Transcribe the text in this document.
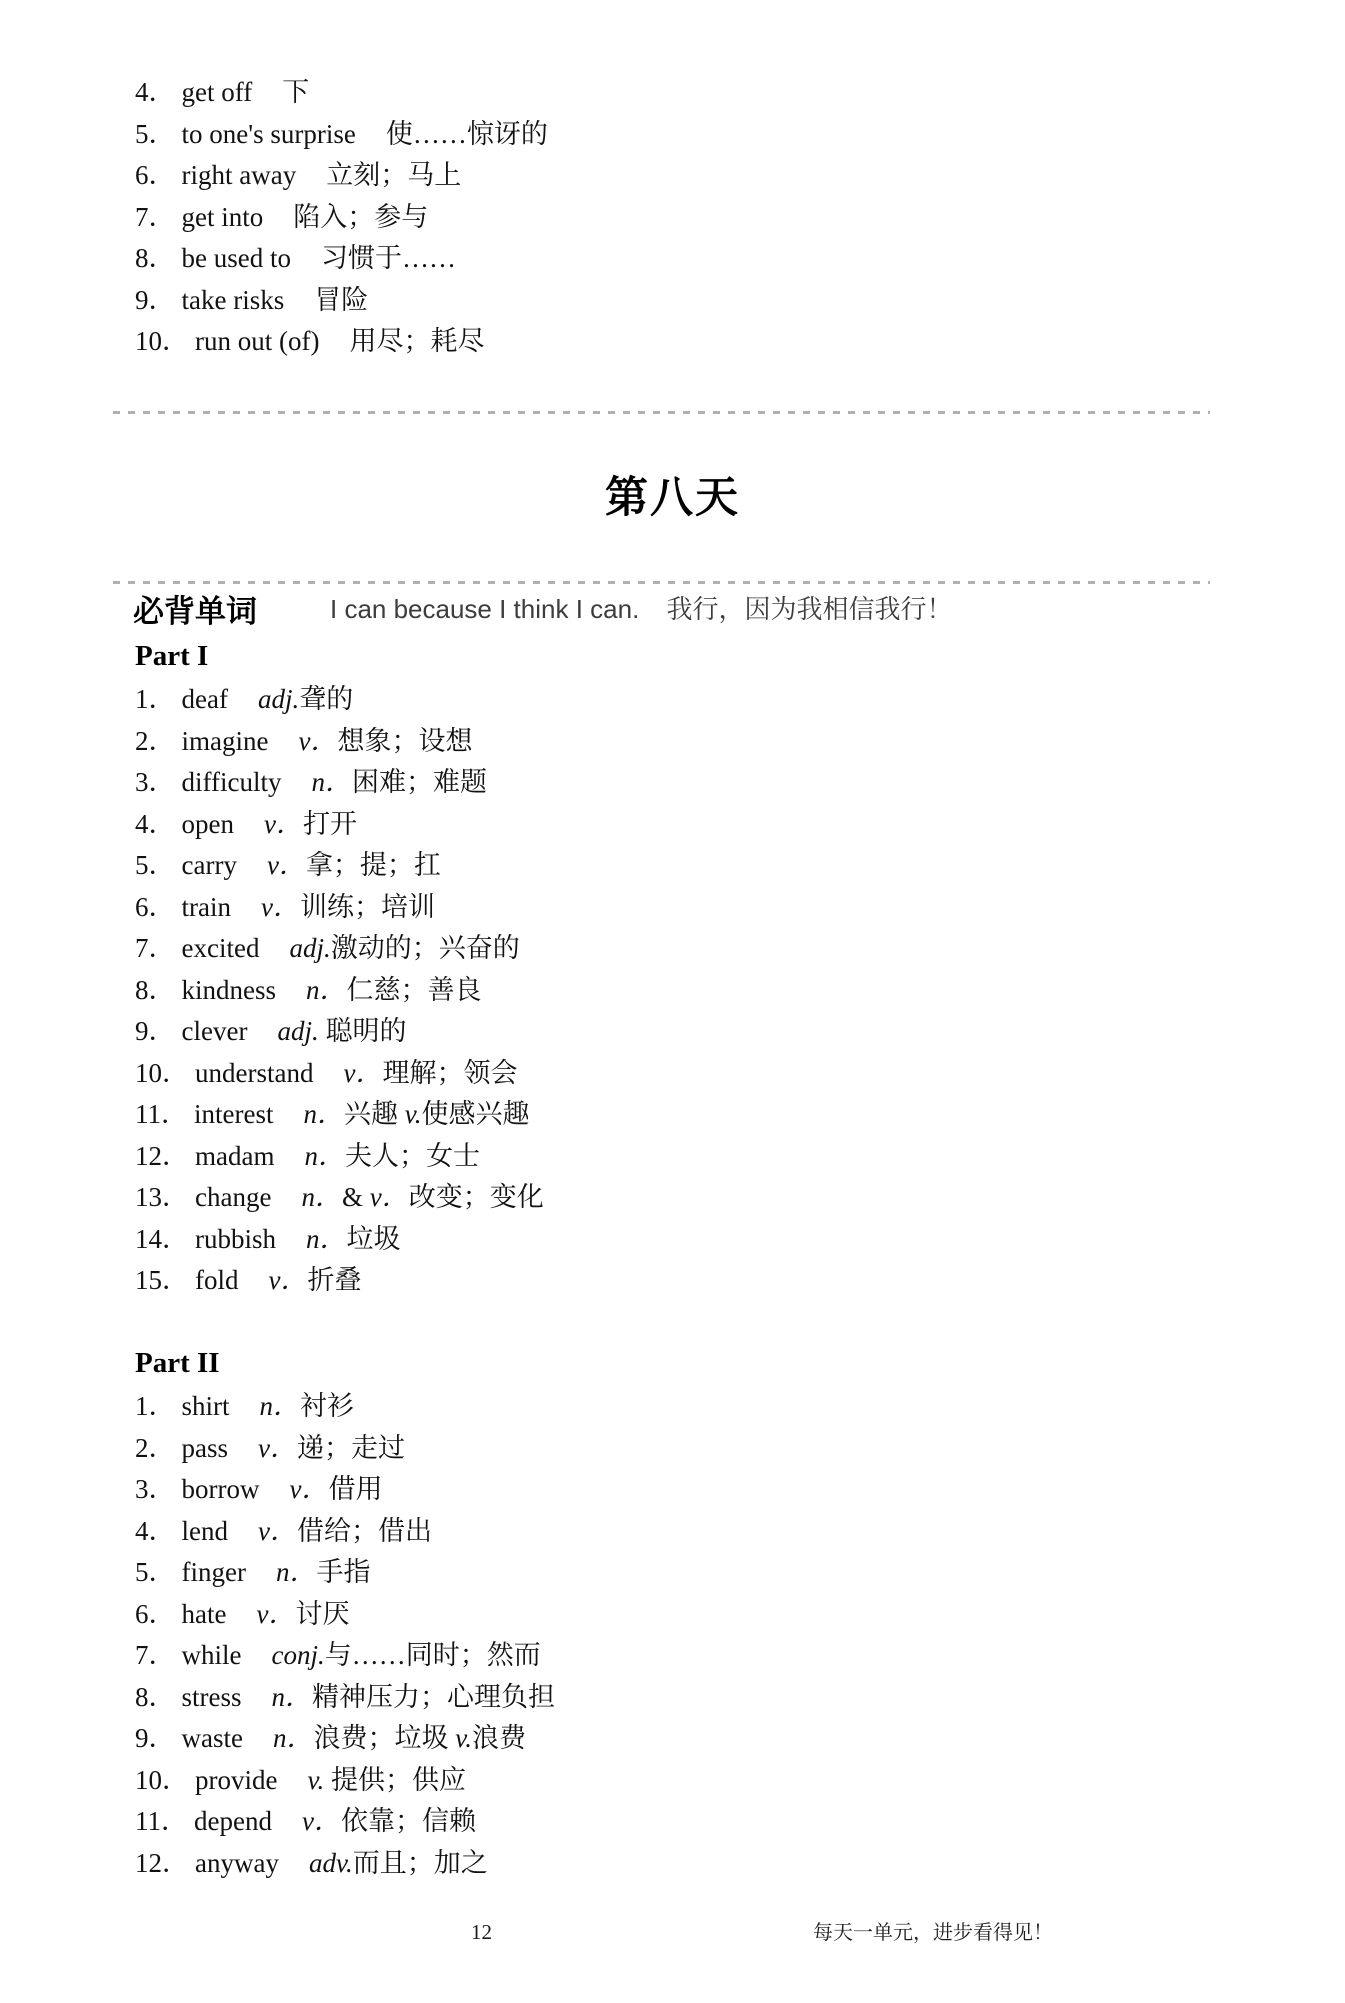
4． get off 下
5． to one's surprise 使……惊讶的
6． right away 立刻；马上
7． get into 陷入；参与
8． be used to 习惯于……
9． take risks 冒险
10． run out (of) 用尽；耗尽
第八天
必背单词	I can because I think I can. 我行，因为我相信我行！
Part I
1． deaf adj.聋的
2． imagine v．想象；设想
3． difficulty n．困难；难题
4． open v．打开
5． carry v．拿；提；扛
6． train v．训练；培训
7． excited adj.激动的；兴奋的
8． kindness n．仁慈；善良
9． clever adj. 聪明的
10． understand v．理解；领会
11． interest n．兴趣 v.使感兴趣
12． madam n．夫人；女士
13． change n．& v．改变；变化
14． rubbish n．垃圾
15． fold v．折叠
Part II
1． shirt n．衬衫
2． pass v．递；走过
3． borrow v．借用
4． lend v．借给；借出
5． finger n．手指
6． hate v．讨厌
7． while conj.与……同时；然而
8． stress n．精神压力；心理负担
9． waste n．浪费；垃圾 v.浪费
10． provide v. 提供；供应
11． depend v．依靠；信赖
12． anyway adv.而且；加之
12	每天一单元，进步看得见！
